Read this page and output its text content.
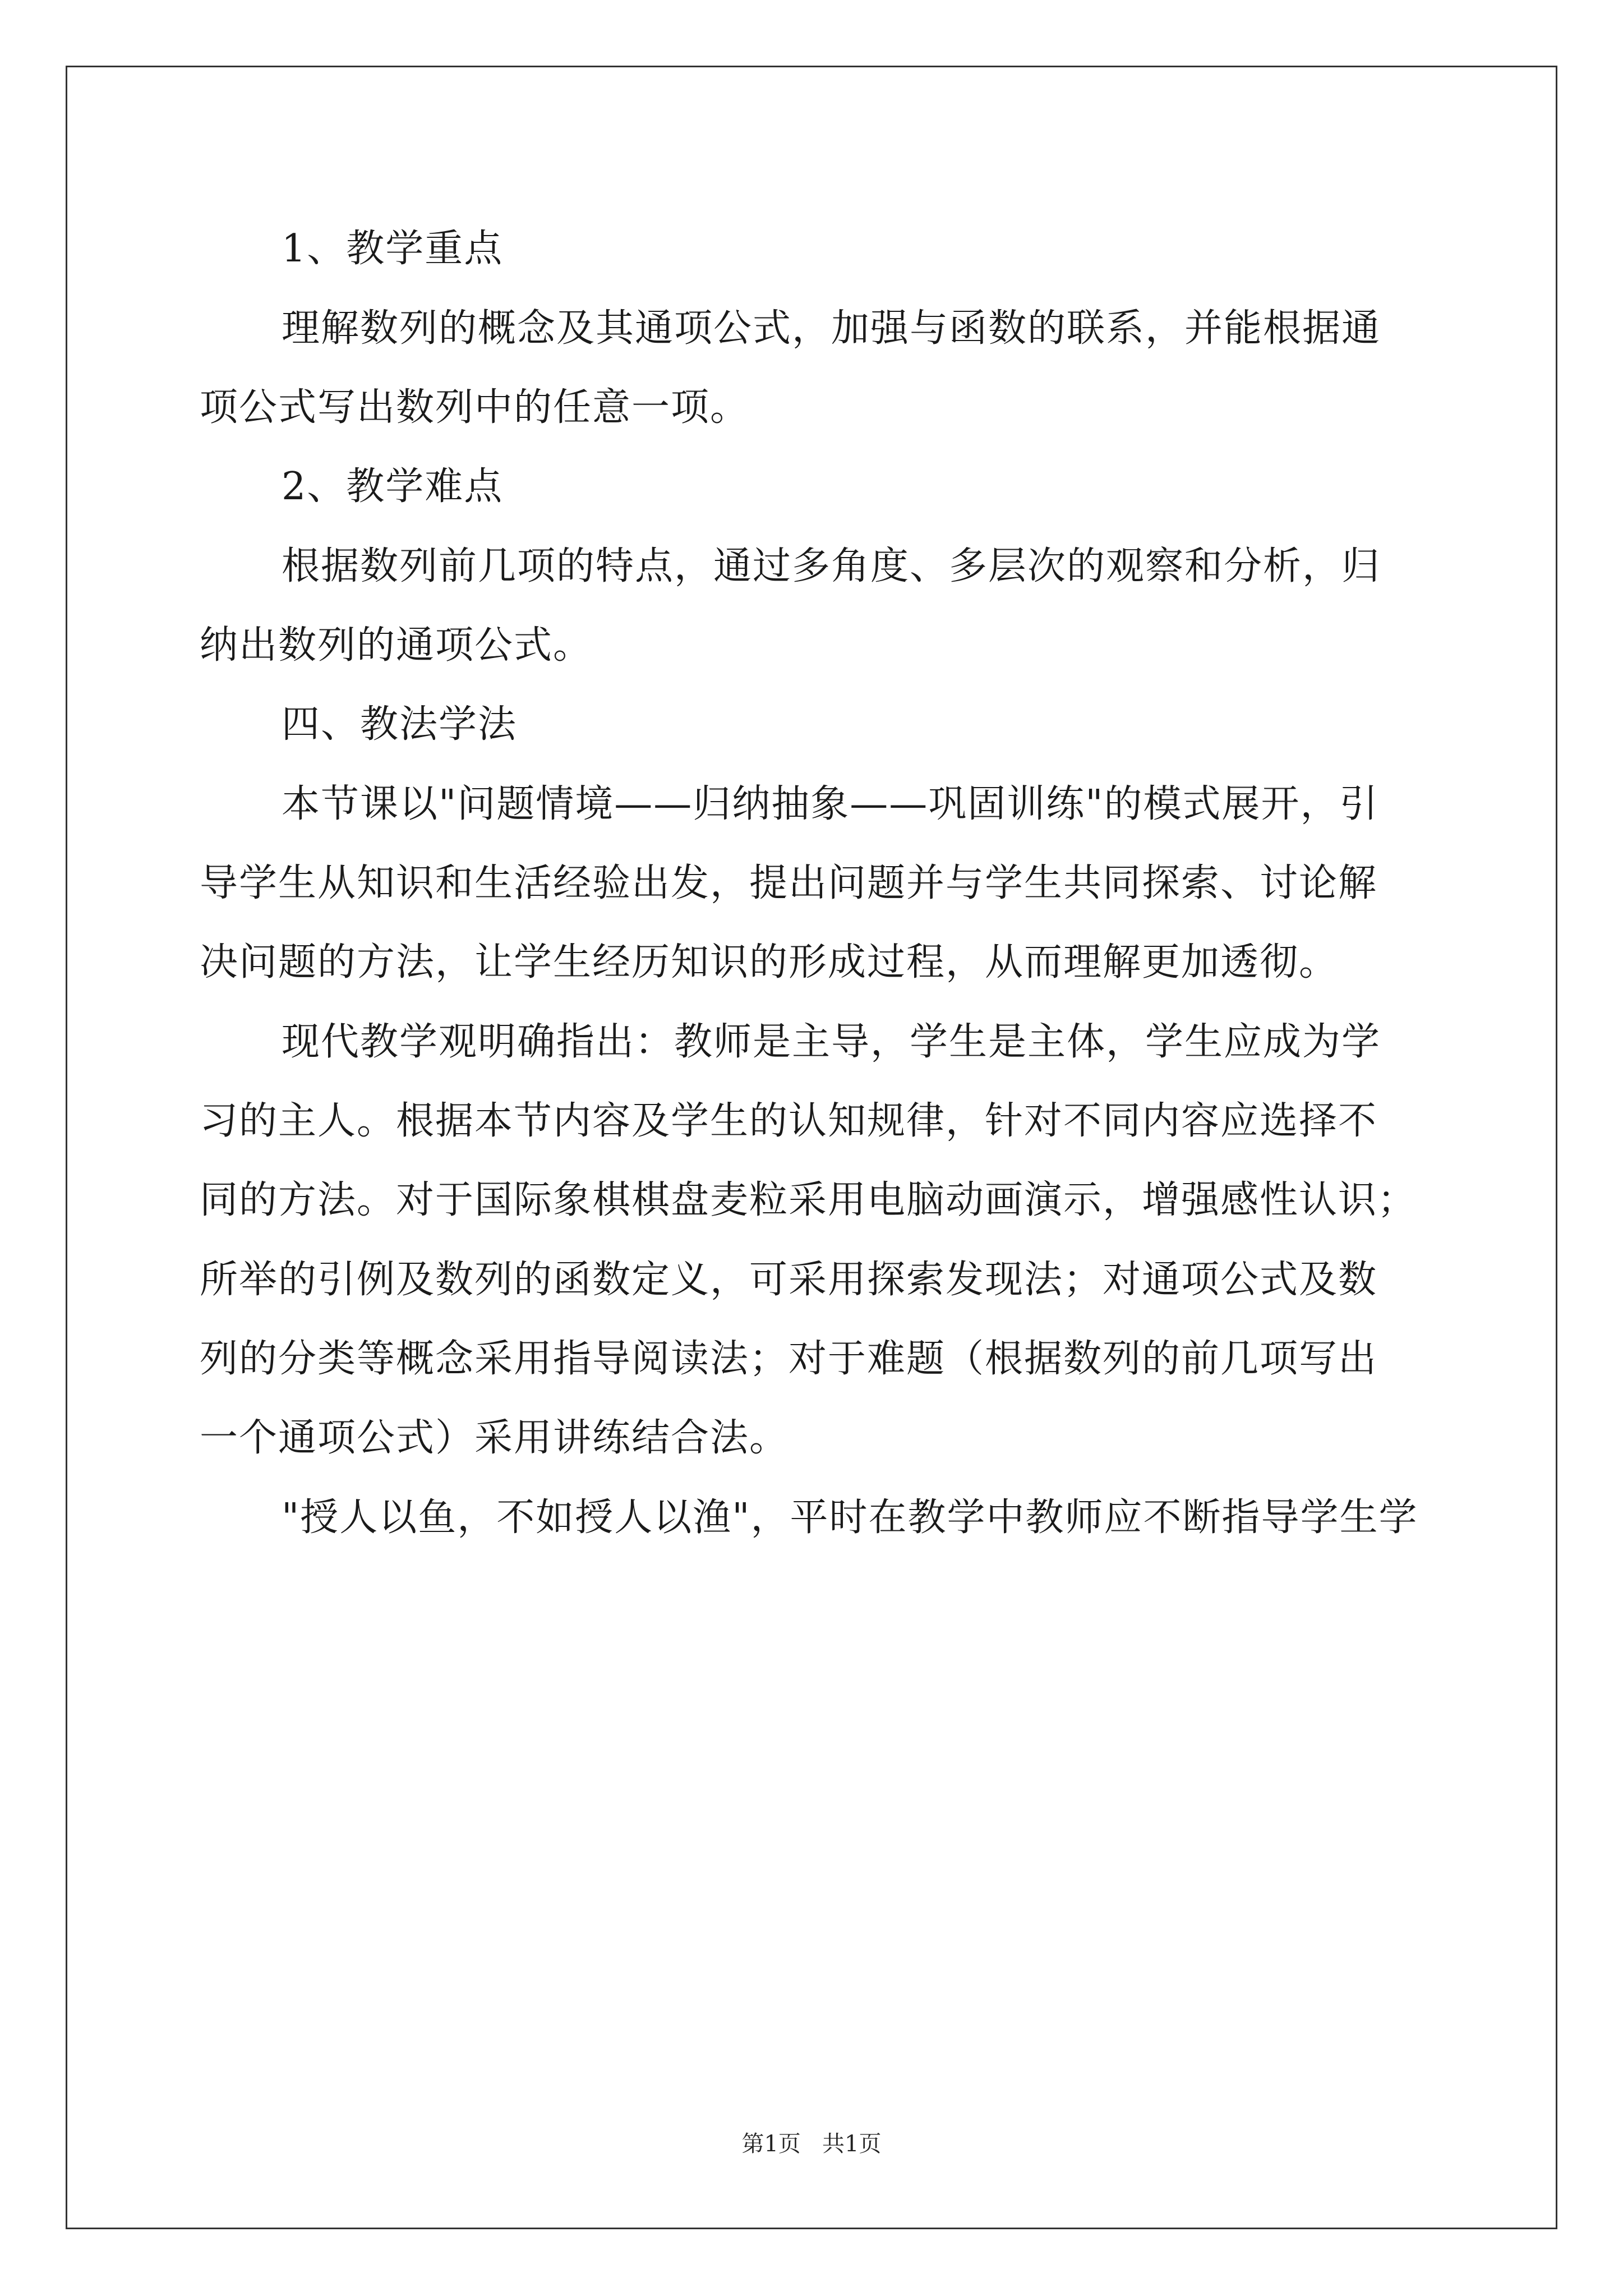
1、教学重点
理解数列的概念及其通项公式，加强与函数的联系，并能根据通
项公式写出数列中的任意一项。
2、教学难点
根据数列前几项的特点，通过多角度、多层次的观察和分析，归
纳出数列的通项公式。
四、教法学法
本节课以"问题情境——归纳抽象——巩固训练"的模式展开，引
导学生从知识和生活经验出发，提出问题并与学生共同探索、讨论解
决问题的方法，让学生经历知识的形成过程，从而理解更加透彻。
现代教学观明确指出：教师是主导，学生是主体，学生应成为学
习的主人。根据本节内容及学生的认知规律，针对不同内容应选择不
同的方法。对于国际象棋棋盘麦粒采用电脑动画演示，增强感性认识；
所举的引例及数列的函数定义，可采用探索发现法；对通项公式及数
列的分类等概念采用指导阅读法；对于难题（根据数列的前几项写出
一个通项公式）采用讲练结合法。
"授人以鱼，不如授人以渔"，平时在教学中教师应不断指导学生学
第1页   共1页
